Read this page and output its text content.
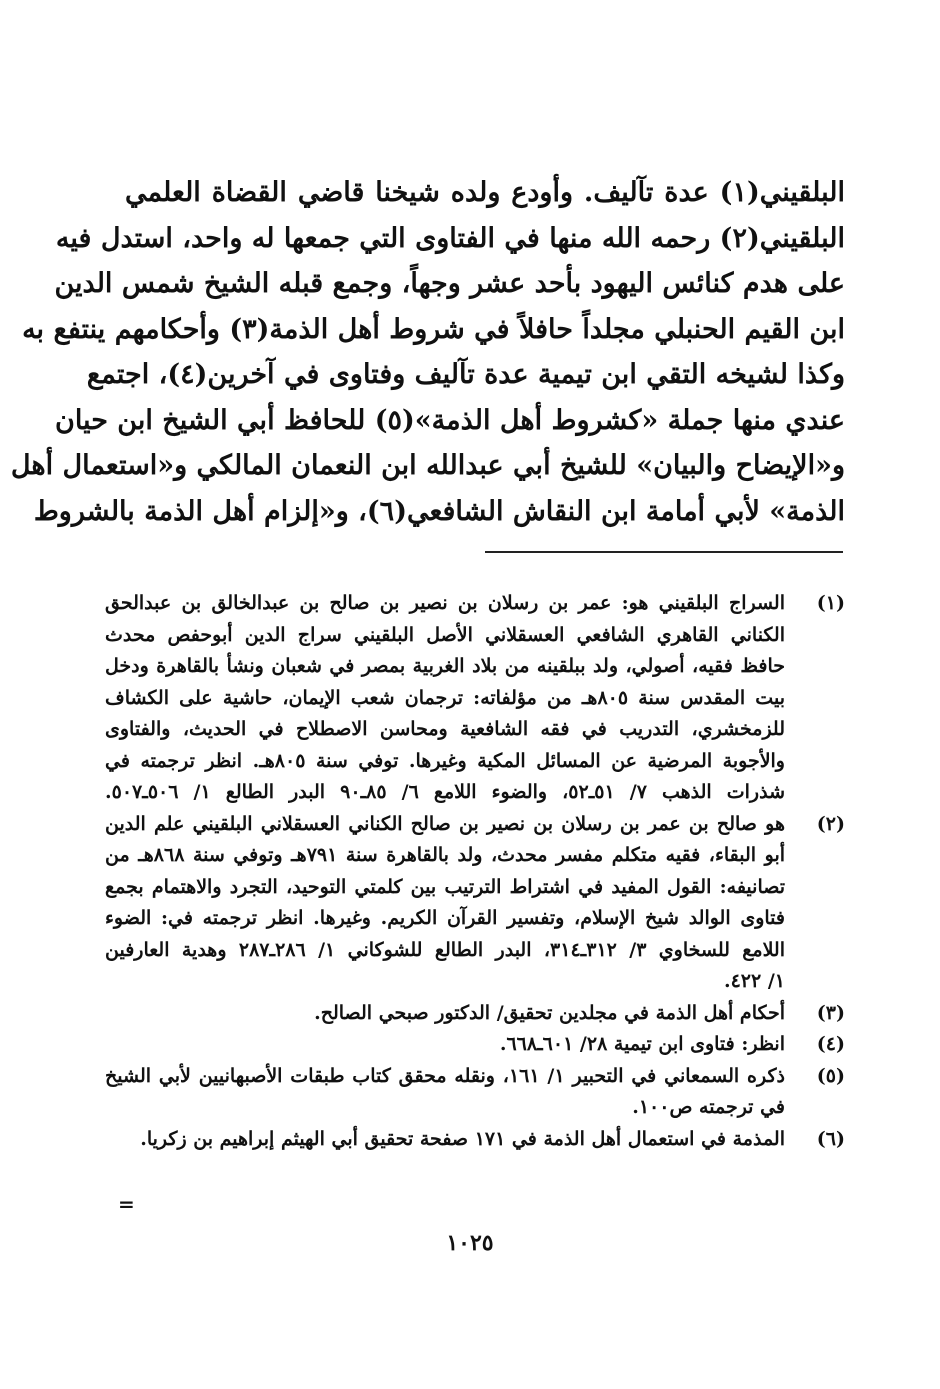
البلقيني(١) عدة تآليف. وأودع ولده شيخنا قاضي القضاة العلمي
البلقيني(٢) رحمه الله منها في الفتاوى التي جمعها له واحد، استدل فيه
على هدم كنائس اليهود بأحد عشر وجهاً، وجمع قبله الشيخ شمس الدين
ابن القيم الحنبلي مجلداً حافلاً في شروط أهل الذمة(٣) وأحكامهم ينتفع به
وكذا لشيخه التقي ابن تيمية عدة تآليف وفتاوى في آخرين(٤)، اجتمع
عندي منها جملة «كشروط أهل الذمة»(٥) للحافظ أبي الشيخ ابن حيان
و«الإيضاح والبيان» للشيخ أبي عبدالله ابن النعمان المالكي و«استعمال أهل
الذمة» لأبي أمامة ابن النقاش الشافعي(٦)، و«إلزام أهل الذمة بالشروط
(١)
السراج البلقيني هو: عمر بن رسلان بن نصير بن صالح بن عبدالخالق بن عبدالحق
الكناني القاهري الشافعي العسقلاني الأصل البلقيني سراج الدين أبوحفص محدث
حافظ فقيه، أصولي، ولد ببلقينه من بلاد الغربية بمصر في شعبان ونشأ بالقاهرة ودخل
بيت المقدس سنة ٨٠٥هـ من مؤلفاته: ترجمان شعب الإيمان، حاشية على الكشاف
للزمخشري، التدريب في فقه الشافعية ومحاسن الاصطلاح في الحديث، والفتاوى
والأجوبة المرضية عن المسائل المكية وغيرها. توفي سنة ٨٠٥هـ. انظر ترجمته في
شذرات الذهب ٧/ ٥١ـ٥٢، والضوء اللامع ٦/ ٨٥ـ٩٠ البدر الطالع ١/ ٥٠٦ـ٥٠٧.
(٢)
هو صالح بن عمر بن رسلان بن نصير بن صالح الكناني العسقلاني البلقيني علم الدين
أبو البقاء، فقيه متكلم مفسر محدث، ولد بالقاهرة سنة ٧٩١هـ وتوفي سنة ٨٦٨هـ من
تصانيفه: القول المفيد في اشتراط الترتيب بين كلمتي التوحيد، التجرد والاهتمام بجمع
فتاوى الوالد شيخ الإسلام، وتفسير القرآن الكريم. وغيرها. انظر ترجمته في: الضوء
اللامع للسخاوي ٣/ ٣١٢ـ٣١٤، البدر الطالع للشوكاني ١/ ٢٨٦ـ٢٨٧ وهدية العارفين
١/ ٤٢٢.
(٣)
أحكام أهل الذمة في مجلدين تحقيق/ الدكتور صبحي الصالح.
(٤)
انظر: فتاوى ابن تيمية ٢٨/ ٦٠١ـ٦٦٨.
(٥)
ذكره السمعاني في التحبير ١/ ١٦١، ونقله محقق كتاب طبقات الأصبهانيين لأبي الشيخ
في ترجمته ص١٠٠.
(٦)
المذمة في استعمال أهل الذمة في ١٧١ صفحة تحقيق أبي الهيثم إبراهيم بن زكريا.
=
١٠٢٥
